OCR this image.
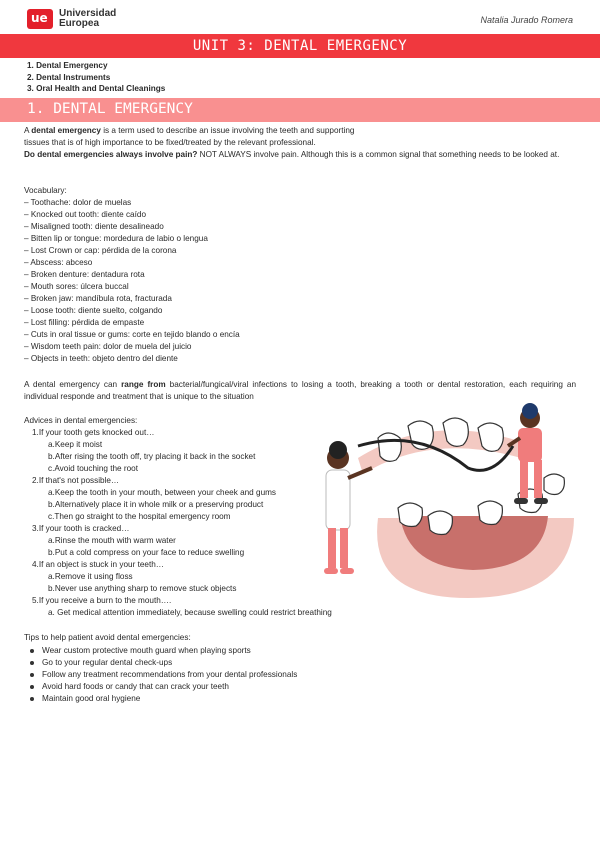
ue Universidad
Europea	Natalia Jurado Romera
UNIT 3: DENTAL EMERGENCY
1. Dental Emergency
2. Dental Instruments
3. Oral Health and Dental Cleanings
1. DENTAL EMERGENCY
A dental emergency is a term used to describe an issue involving the teeth and supporting
tissues that is of high importance to be fixed/treated by the relevant professional.
Do dental emergencies always involve pain? NOT ALWAYS involve pain. Although this is a common signal that something needs to be looked at.
Vocabulary:
– Toothache: dolor de muelas
– Knocked out tooth: diente caído
– Misaligned tooth: diente desalineado
– Bitten lip or tongue: mordedura de labio o lengua
– Lost Crown or cap: pérdida de la corona
– Abscess: abceso
– Broken denture: dentadura rota
– Mouth sores: úlcera buccal
– Broken jaw: mandíbula rota, fracturada
– Loose tooth: diente suelto, colgando
– Lost filling: pérdida de empaste
– Cuts in oral tissue or gums: corte en tejido blando o encía
– Wisdom teeth pain: dolor de muela del juicio
– Objects in teeth: objeto dentro del diente
A dental emergency can range from bacterial/fungical/viral infections to losing a tooth, breaking a tooth or dental restoration, each requiring an individual responde and treatment that is unique to the situation
Advices in dental emergencies:
1.If your tooth gets knocked out…
a.Keep it moist
b.After rising the tooth off, try placing it back in the socket
c.Avoid touching the root
2.If that's not possible…
a.Keep the tooth in your mouth, between your cheek and gums
b.Alternatively place it in whole milk or a preserving product
c.Then go straight to the hospital emergency room
3.If your tooth is cracked…
a.Rinse the mouth with warm water
b.Put a cold compress on your face to reduce swelling
4.If an object is stuck in your teeth…
a.Remove it using floss
b.Never use anything sharp to remove stuck objects
5.If you receive a burn to the mouth….
a. Get medical attention immediately, because swelling could restrict breathing
Tips to help patient avoid dental emergencies:
Wear custom protective mouth guard when playing sports
Go to your regular dental check-ups
Follow any treatment recommendations from your dental professionals
Avoid hard foods or candy that can crack your teeth
Maintain good oral hygiene
